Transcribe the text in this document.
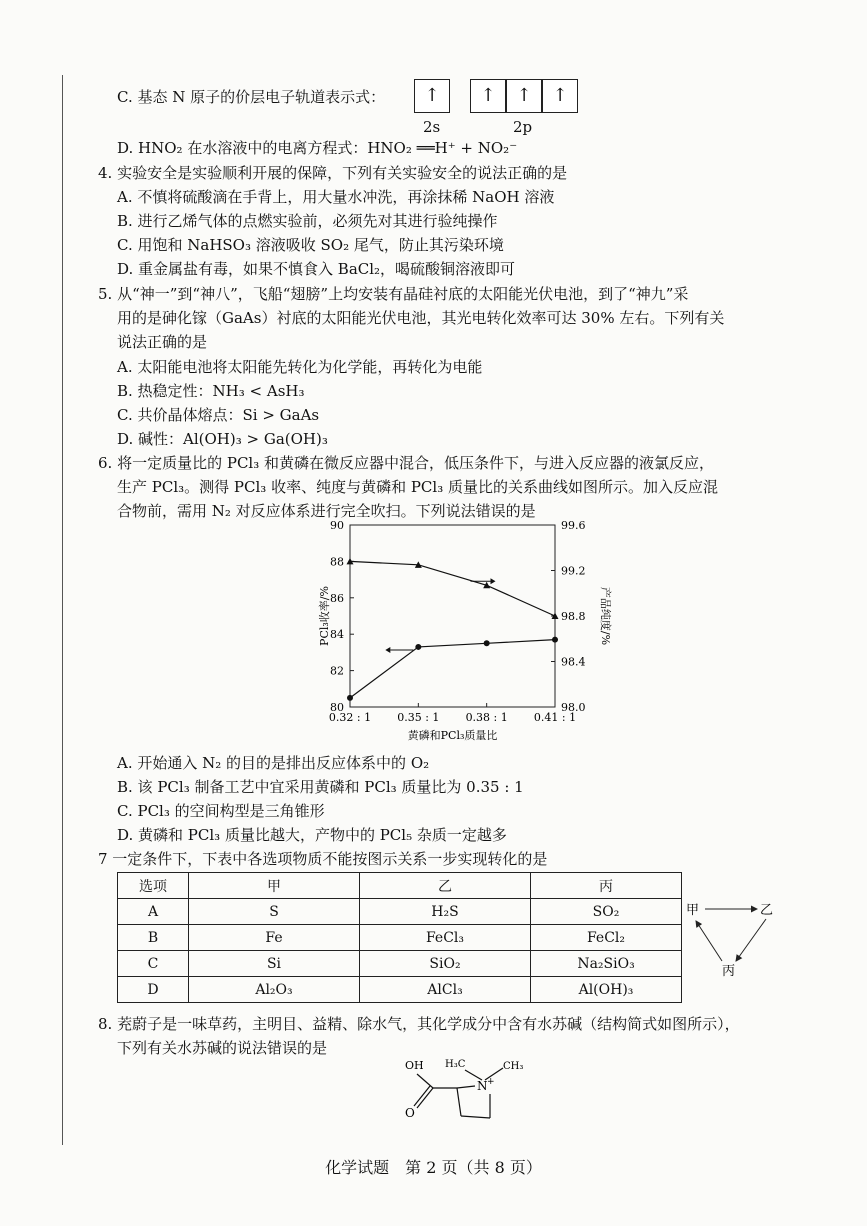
C. 基态 N 原子的价层电子轨道表示式：	↑	↑	↑	↑
2s	2p
D. HNO₂ 在水溶液中的电离方程式：HNO₂ ══H⁺ + NO₂⁻
4. 实验安全是实验顺利开展的保障，下列有关实验安全的说法正确的是
A. 不慎将硫酸滴在手背上，用大量水冲洗，再涂抹稀 NaOH 溶液
B. 进行乙烯气体的点燃实验前，必须先对其进行验纯操作
C. 用饱和 NaHSO₃ 溶液吸收 SO₂ 尾气，防止其污染环境
D. 重金属盐有毒，如果不慎食入 BaCl₂，喝硫酸铜溶液即可
5. 从“神一”到“神八”，飞船“翅膀”上均安装有晶硅衬底的太阳能光伏电池，到了“神九”采
用的是砷化镓（GaAs）衬底的太阳能光伏电池，其光电转化效率可达 30% 左右。下列有关
说法正确的是
A. 太阳能电池将太阳能先转化为化学能，再转化为电能
B. 热稳定性：NH₃ < AsH₃
C. 共价晶体熔点：Si > GaAs
D. 碱性：Al(OH)₃ > Ga(OH)₃
6. 将一定质量比的 PCl₃ 和黄磷在微反应器中混合，低压条件下，与进入反应器的液氯反应，
生产 PCl₃。测得 PCl₃ 收率、纯度与黄磷和 PCl₃ 质量比的关系曲线如图所示。加入反应混
合物前，需用 N₂ 对反应体系进行完全吹扫。下列说法错误的是
80
82
84
86
88
90
98.0
98.4
98.8
99.2
99.6
0.32 : 1 0.35 : 1 0.38 : 1 0.41 : 1
黄磷和PCl₃质量比
PCl₃收率/%	产品纯度/%
A. 开始通入 N₂ 的目的是排出反应体系中的 O₂
B. 该 PCl₃ 制备工艺中宜采用黄磷和 PCl₃ 质量比为 0.35 : 1
C. PCl₃ 的空间构型是三角锥形
D. 黄磷和 PCl₃ 质量比越大，产物中的 PCl₅ 杂质一定越多
7 一定条件下，下表中各选项物质不能按图示关系一步实现转化的是
选项	甲	乙	丙
A	S	H₂S	SO₂
B	Fe	FeCl₃	FeCl₂
C	Si	SiO₂	Na₂SiO₃
D	Al₂O₃	AlCl₃	Al(OH)₃
甲	乙
丙
8. 茺蔚子是一味草药，主明目、益精、除水气，其化学成分中含有水苏碱（结构简式如图所示），
下列有关水苏碱的说法错误的是
OH H₃C	CH₃
N +
O
化学试题　第 2 页（共 8 页）
